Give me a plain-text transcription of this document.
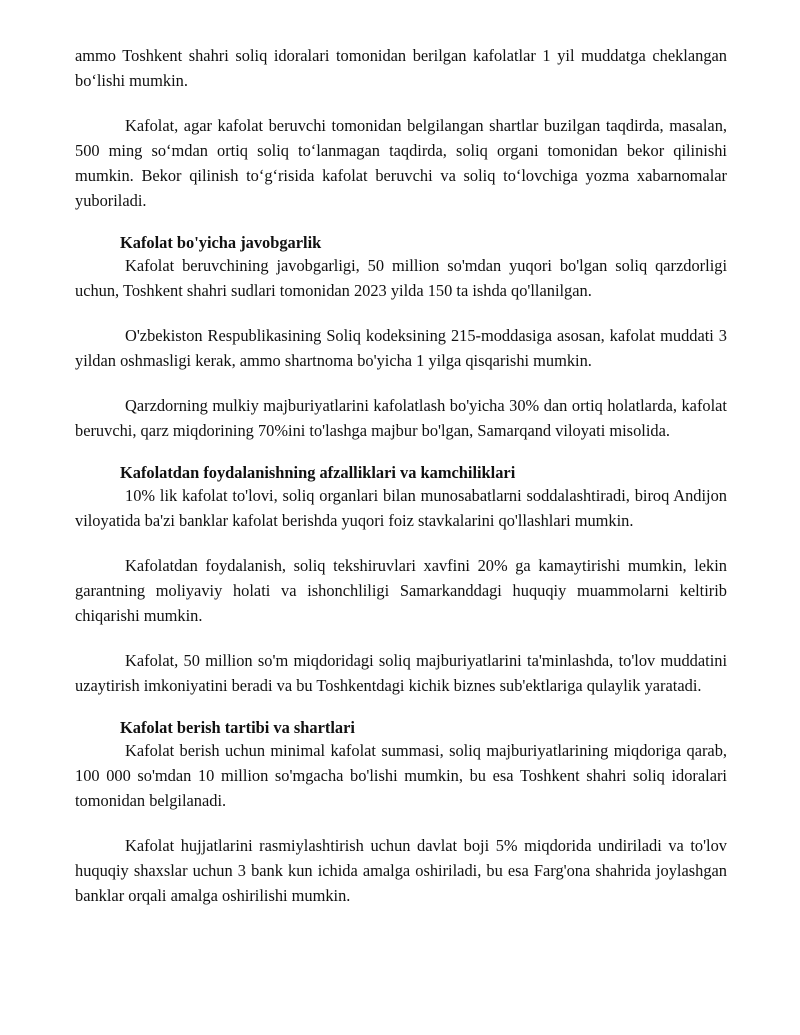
ammo Toshkent shahri soliq idoralari tomonidan berilgan kafolatlar 1 yil muddatga cheklangan bo‘lishi mumkin.

Kafolat, agar kafolat beruvchi tomonidan belgilangan shartlar buzilgan taqdirda, masalan, 500 ming so‘mdan ortiq soliq to‘lanmagan taqdirda, soliq organi tomonidan bekor qilinishi mumkin. Bekor qilinish to‘g‘risida kafolat beruvchi va soliq to‘lovchiga yozma xabarnomalar yuboriladi.

Kafolat bo'yicha javobgarlik

Kafolat beruvchining javobgarligi, 50 million so'mdan yuqori bo'lgan soliq qarzdorligi uchun, Toshkent shahri sudlari tomonidan 2023 yilda 150 ta ishda qo'llanilgan.

O'zbekiston Respublikasining Soliq kodeksining 215-moddasiga asosan, kafolat muddati 3 yildan oshmasligi kerak, ammo shartnoma bo'yicha 1 yilga qisqarishi mumkin.

Qarzdorning mulkiy majburiyatlarini kafolatlash bo'yicha 30% dan ortiq holatlarda, kafolat beruvchi, qarz miqdorining 70%ini to'lashga majbur bo'lgan, Samarqand viloyati misolida.

Kafolatdan foydalanishning afzalliklari va kamchiliklari

10% lik kafolat to'lovi, soliq organlari bilan munosabatlarni soddalashtiradi, biroq Andijon viloyatida ba'zi banklar kafolat berishda yuqori foiz stavkalarini qo'llashlari mumkin.

Kafolatdan foydalanish, soliq tekshiruvlari xavfini 20% ga kamaytirishi mumkin, lekin garantning moliyaviy holati va ishonchliligi Samarkanddagi huquqiy muammolarni keltirib chiqarishi mumkin.

Kafolat, 50 million so'm miqdoridagi soliq majburiyatlarini ta'minlashda, to'lov muddatini uzaytirish imkoniyatini beradi va bu Toshkentdagi kichik biznes sub'ektlariga qulaylik yaratadi.

Kafolat berish tartibi va shartlari

Kafolat berish uchun minimal kafolat summasi, soliq majburiyatlarining miqdoriga qarab, 100 000 so'mdan 10 million so'mgacha bo'lishi mumkin, bu esa Toshkent shahri soliq idoralari tomonidan belgilanadi.

Kafolat hujjatlarini rasmiylashtirish uchun davlat boji 5% miqdorida undiriladi va to'lov huquqiy shaxslar uchun 3 bank kun ichida amalga oshiriladi, bu esa Farg'ona shahrida joylashgan banklar orqali amalga oshirilishi mumkin.
